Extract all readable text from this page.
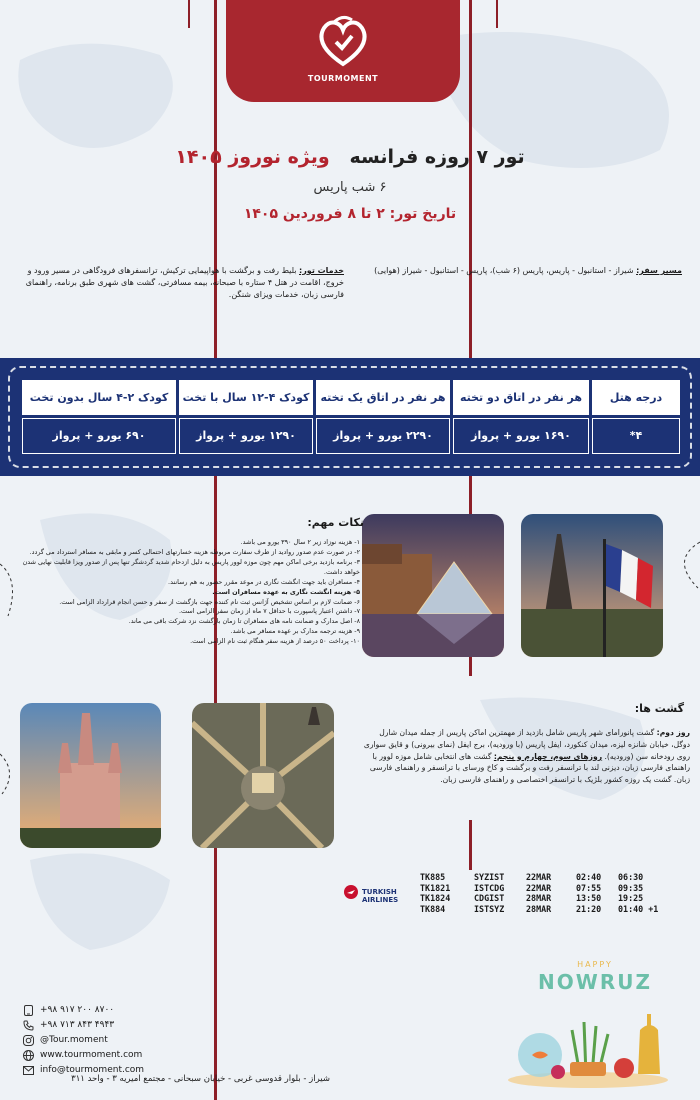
TOURMOMENT
تور ۷ روزه فرانسه   ویژه نوروز ۱۴۰۵
۶ شب پاریس
تاریخ تور: ۲ تا ۸ فروردین ۱۴۰۵
مسیر سفر: شیراز - استانبول - پاریس، پاریس (۶ شب)، پاریس - استانبول - شیراز (هوایی)
خدمات تور: بلیط رفت و برگشت با هواپیمایی ترکیش، ترانسفرهای فرودگاهی در مسیر ورود و خروج، اقامت در هتل ۴ ستاره با صبحانه، بیمه مسافرتی، گشت های شهری طبق برنامه، راهنمای فارسی زبان، خدمات ویزای شنگن.
کودک ۲-۴ سال بدون تخت	کودک ۴-۱۲ سال با تخت	هر نفر در اتاق یک تخته	هر نفر در اتاق دو تخته	درجه هتل
۶۹۰ یورو + پرواز	۱۲۹۰ یورو + پرواز	۲۲۹۰ یورو + پرواز	۱۶۹۰ یورو + پرواز	۴*
نکات مهم:
۱- هزینه نوزاد زیر ۲ سال ۳۹۰ یورو می باشد.
۲- در صورت عدم صدور روادید از طرف سفارت مربوطه هزینه خسارتهای احتمالی کسر و مابقی به مسافر استرداد می گردد.
۳- برنامه بازدید برخی اماکن مهم چون موزه لوور پاریس به دلیل ازدحام شدید گردشگر تنها پس از صدور ویزا قابلیت نهایی شدن خواهد داشت.
۴- مسافران باید جهت انگشت نگاری در موعد مقرر حضور به هم رسانند.
۵- هزینه انگشت نگاری به عهده مسافران است.
۶- ضمانت لازم بر اساس تشخیص آژانس ثبت نام کننده جهت بازگشت از سفر و حسن انجام قرارداد الزامی است.
۷- داشتن اعتبار پاسپورت با حداقل ۷ ماه از زمان سفر الزامی است.
۸- اصل مدارک و ضمانت نامه های مسافران تا زمان بازگشت نزد شرکت باقی می ماند.
۹- هزینه ترجمه مدارک بر عهده مسافر می باشد.
۱۰- پرداخت ۵۰ درصد از هزینه سفر هنگام ثبت نام الزامی است.
گشت ها:
روز دوم: گشت پانورامای شهر پاریس شامل بازدید از مهمترین اماکن پاریس از جمله میدان شارل دوگل، خیابان شانزه لیزه، میدان کنکورد، ایفل پاریس (با ورودیه)، برج ایفل (نمای بیرونی) و قایق سواری روی رودخانه سن (ورودیه). روزهای سوم، چهارم و پنجم: گشت های انتخابی شامل موزه لوور با راهنمای فارسی زبان، دیزنی لند با ترانسفر رفت و برگشت و کاخ ورسای با ترانسفر و راهنمای فارسی زبان. گشت یک روزه کشور بلژیک با ترانسفر اختصاصی و راهنمای فارسی زبان.
TURKISH
AIRLINES
TK885	SYZIST	22MAR	02:40	06:30
TK1821	ISTCDG	22MAR	07:55	09:35
TK1824	CDGIST	28MAR	13:50	19:25
TK884	ISTSYZ	28MAR	21:20	01:40 +1
HAPPY
NOWRUZ
+۹۸ ۹۱۷ ۲۰۰ ۸۷۰۰
+۹۸ ۷۱۳ ۸۴۳ ۴۹۴۳
@Tour.moment
www.tourmoment.com
info@tourmoment.com
شیراز - بلوار قدوسی غربی - خیابان سبحانی - مجتمع امیریه ۳ - واحد ۳۱۱
